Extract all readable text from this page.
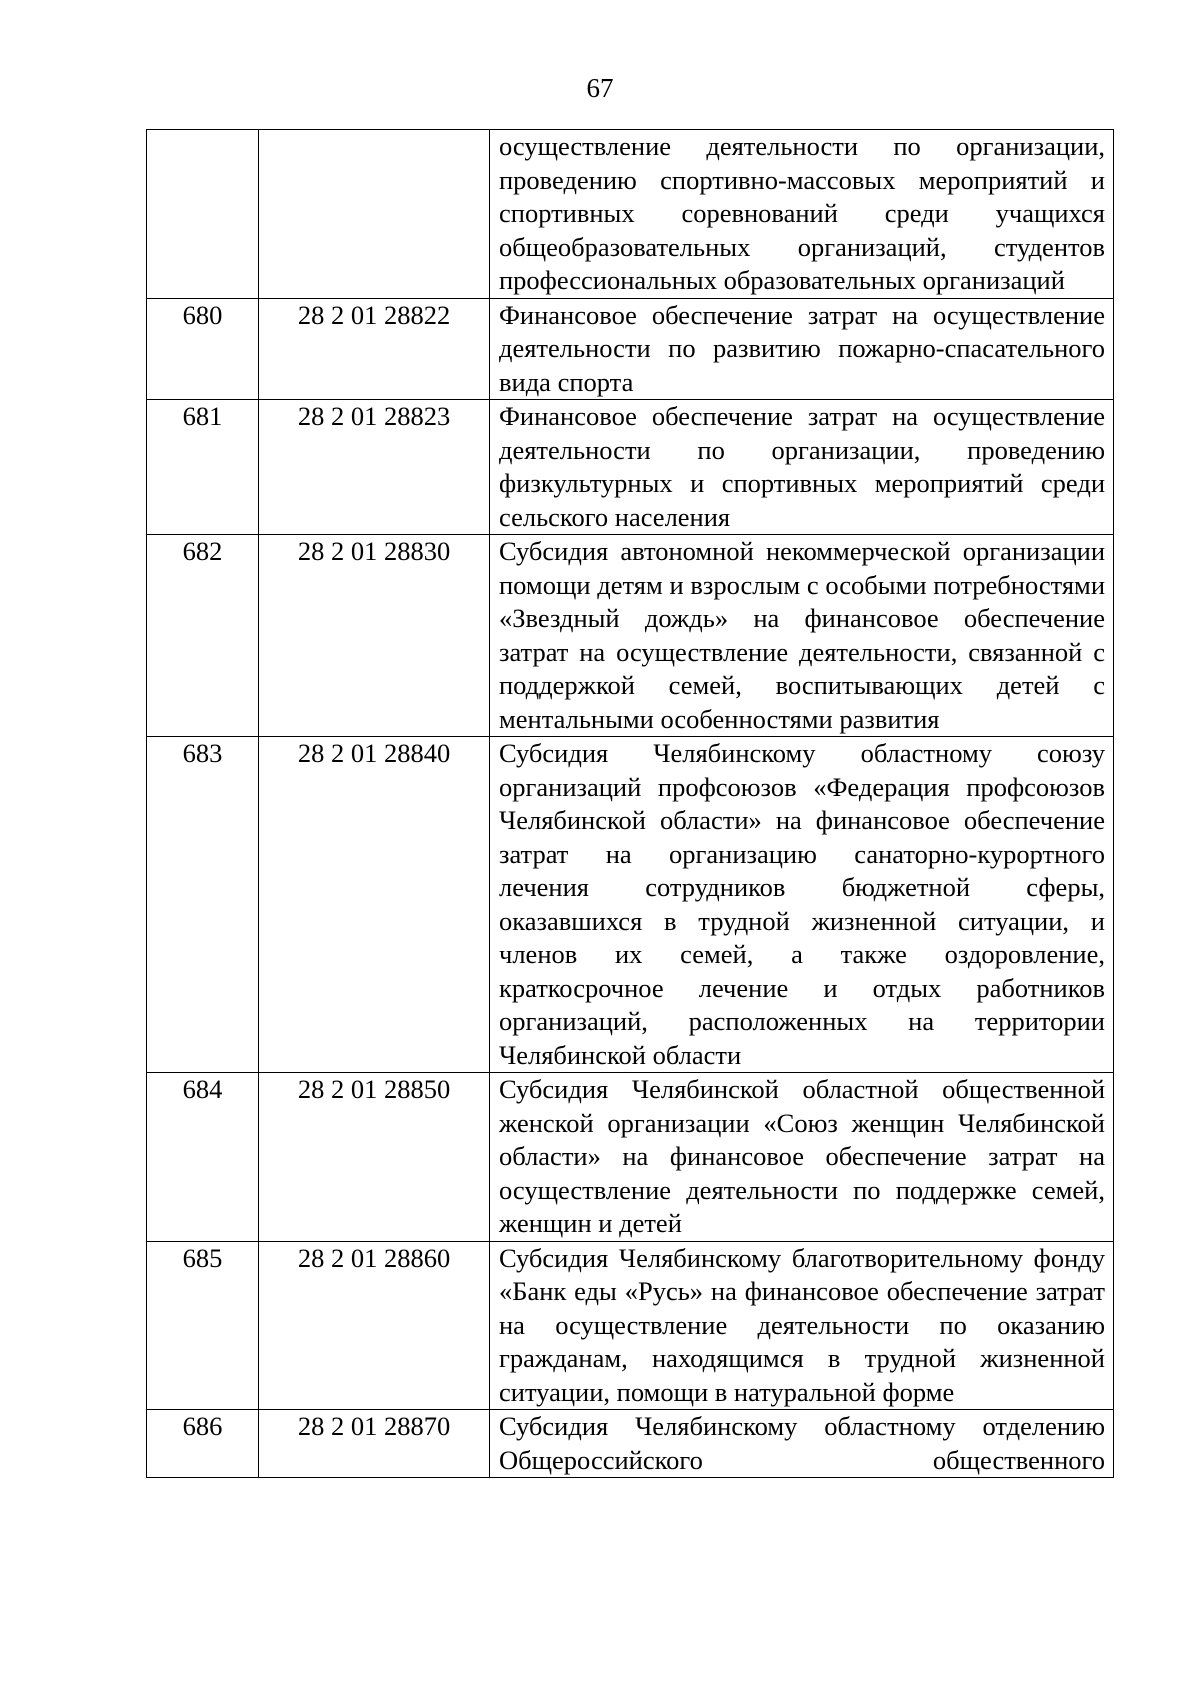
67
		осуществление деятельности по организации, проведению спортивно-массовых мероприятий и спортивных соревнований среди учащихся общеобразовательных организаций, студентов профессиональных образовательных организаций
680	28 2 01 28822	Финансовое обеспечение затрат на осуществление деятельности по развитию пожарно-спасательного вида спорта
681	28 2 01 28823	Финансовое обеспечение затрат на осуществление деятельности по организации, проведению физкультурных и спортивных мероприятий среди сельского населения
682	28 2 01 28830	Субсидия автономной некоммерческой организации помощи детям и взрослым с особыми потребностями «Звездный дождь» на финансовое обеспечение затрат на осуществление деятельности, связанной с поддержкой семей, воспитывающих детей с ментальными особенностями развития
683	28 2 01 28840	Субсидия Челябинскому областному союзу организаций профсоюзов «Федерация профсоюзов Челябинской области» на финансовое обеспечение затрат на организацию санаторно-курортного лечения сотрудников бюджетной сферы, оказавшихся в трудной жизненной ситуации, и членов их семей, а также оздоровление, краткосрочное лечение и отдых работников организаций, расположенных на территории Челябинской области
684	28 2 01 28850	Субсидия Челябинской областной общественной женской организации «Союз женщин Челябинской области» на финансовое обеспечение затрат на осуществление деятельности по поддержке семей, женщин и детей
685	28 2 01 28860	Субсидия Челябинскому благотворительному фонду «Банк еды «Русь» на финансовое обеспечение затрат на осуществление деятельности по оказанию гражданам, находящимся в трудной жизненной ситуации, помощи в натуральной форме
686	28 2 01 28870	Субсидия Челябинскому областному отделению Общероссийского общественного
